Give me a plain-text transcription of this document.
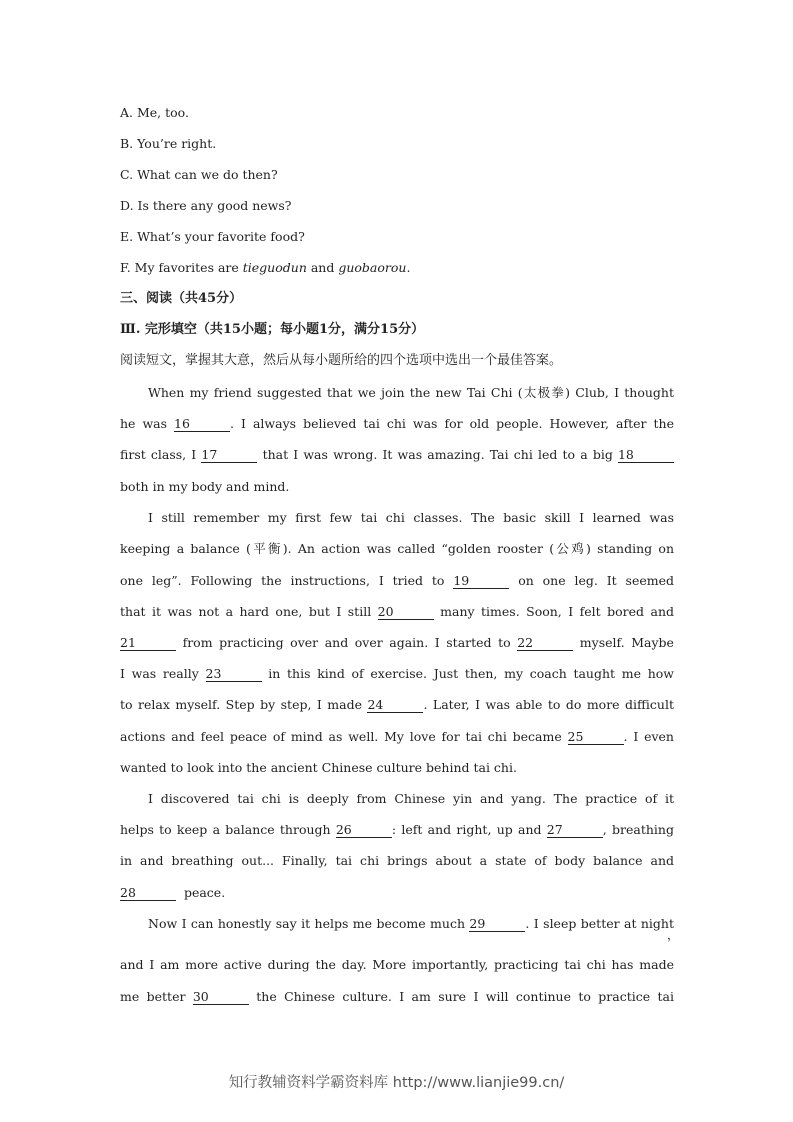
A. Me, too.
B. You’re right.
C. What can we do then?
D. Is there any good news?
E. What’s your favorite food?
F. My favorites are tieguodun and guobaorou.
三、阅读（共45分）
Ⅲ. 完形填空（共15小题；每小题1分，满分15分）
阅读短文，掌握其大意，然后从每小题所给的四个选项中选出一个最佳答案。
When my friend suggested that we join the new Tai Chi (太极拳) Club, I thought
he was 16	. I always believed tai chi was for old people. However, after the
first class, I 17	that I was wrong. It was amazing. Tai chi led to a big 18
both in my body and mind.
I still remember my first few tai chi classes. The basic skill I learned was
keeping a balance (平衡). An action was called “golden rooster (公鸡) standing on
one leg”. Following the instructions, I tried to 19	on one leg. It seemed
that it was not a hard one, but I still 20	many times. Soon, I felt bored and
21	from practicing over and over again. I started to 22	myself. Maybe
I was really 23	in this kind of exercise. Just then, my coach taught me how
to relax myself. Step by step, I made 24	. Later, I was able to do more difficult
actions and feel peace of mind as well. My love for tai chi became 25	. I even
wanted to look into the ancient Chinese culture behind tai chi.
I discovered tai chi is deeply from Chinese yin and yang. The practice of it
helps to keep a balance through 26	: left and right, up and 27	, breathing
in and breathing out... Finally, tai chi brings about a state of body balance and
28	peace.
Now I can honestly say it helps me become much 29	. I sleep better at night
，
and I am more active during the day. More importantly, practicing tai chi has made
me better 30	the Chinese culture. I am sure I will continue to practice tai
知行教辅资料学霸资料库 http://www.lianjie99.cn/
